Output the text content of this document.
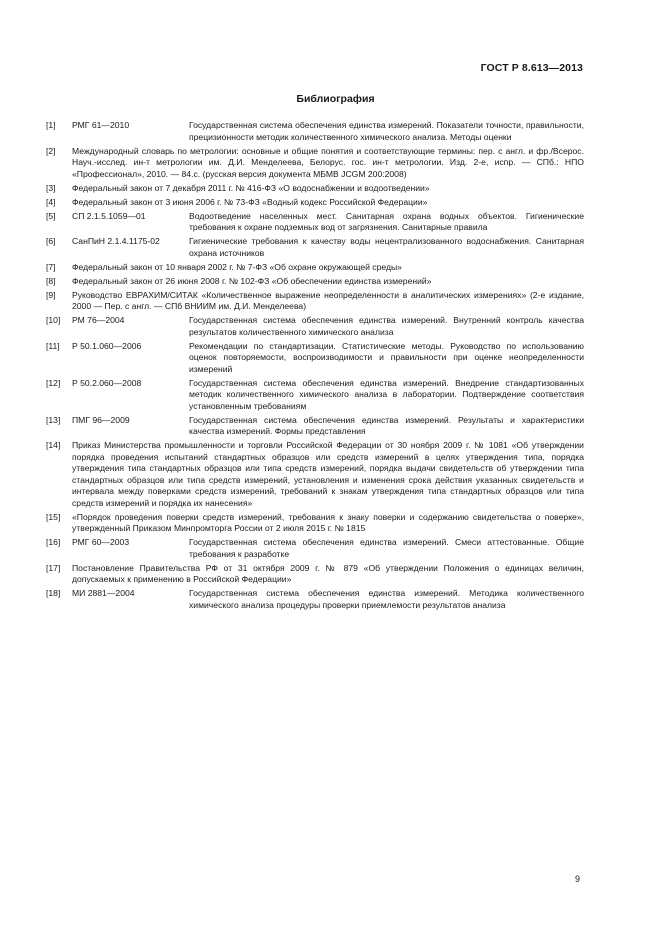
ГОСТ Р 8.613—2013
Библиография
[1]	РМГ 61—2010	Государственная система обеспечения единства измерений. Показатели точности, правильности, прецизионности методик количественного химического анализа. Методы оценки
[2]	Международный словарь по метрологии: основные и общие понятия и соответствующие термины: пер. с англ. и фр./Всерос. Науч.-исслед. ин-т метрологии им. Д.И. Менделеева, Белорус. гос. ин-т метрологии. Изд. 2-е, испр. — СПб.: НПО «Профессионал», 2010. — 84.с. (русская версия документа МБМВ JCGM 200:2008)
[3]	Федеральный закон от 7 декабря 2011 г. № 416-ФЗ «О водоснабжении и водоотведении»
[4]	Федеральный закон от 3 июня 2006 г. № 73-ФЗ «Водный кодекс Российской Федерации»
[5]	СП 2.1.5.1059—01	Водоотведение населенных мест. Санитарная охрана водных объектов. Гигиенические требования к охране подземных вод от загрязнения. Санитарные правила
[6]	СанПиН 2.1.4.1175-02	Гигиенические требования к качеству воды нецентрализованного водоснабжения. Санитарная охрана источников
[7]	Федеральный закон от 10 января 2002 г. № 7-ФЗ «Об охране окружающей среды»
[8]	Федеральный закон от 26 июня 2008 г. № 102-ФЗ «Об обеспечении единства измерений»
[9]	Руководство ЕВРАХИМ/СИТАК «Количественное выражение неопределенности в аналитических измерениях» (2-е издание, 2000 — Пер. с англ. — СПб ВНИИМ им. Д.И. Менделеева)
[10]	РМ 76—2004	Государственная система обеспечения единства измерений. Внутренний контроль качества результатов количественного химического анализа
[11]	Р 50.1.060—2006	Рекомендации по стандартизации. Статистические методы. Руководство по использованию оценок повторяемости, воспроизводимости и правильности при оценке неопределенности измерений
[12]	Р 50.2.060—2008	Государственная система обеспечения единства измерений. Внедрение стандартизованных методик количественного химического анализа в лаборатории. Подтверждение соответствия установленным требованиям
[13]	ПМГ 96—2009	Государственная система обеспечения единства измерений. Результаты и характеристики качества измерений. Формы представления
[14]	Приказ Министерства промышленности и торговли Российской Федерации от 30 ноября 2009 г. № 1081 «Об утверждении порядка проведения испытаний стандартных образцов или средств измерений в целях утверждения типа, порядка утверждения типа стандартных образцов или типа средств измерений, порядка выдачи свидетельств об утверждении типа стандартных образцов или типа средств измерений, установления и изменения срока действия указанных свидетельств и интервала между поверками средств измерений, требований к знакам утверждения типа стандартных образцов или типа средств измерений и порядка их нанесения»
[15]	«Порядок проведения поверки средств измерений, требования к знаку поверки и содержанию свидетельства о поверке», утвержденный Приказом Минпромторга России от 2 июля 2015 г. № 1815
[16]	РМГ 60—2003	Государственная система обеспечения единства измерений. Смеси аттестованные. Общие требования к разработке
[17]	Постановление Правительства РФ от 31 октября 2009 г. № 879 «Об утверждении Положения о единицах величин, допускаемых к применению в Российской Федерации»
[18]	МИ 2881—2004	Государственная система обеспечения единства измерений. Методика количественного химического анализа процедуры проверки приемлемости результатов анализа
9
